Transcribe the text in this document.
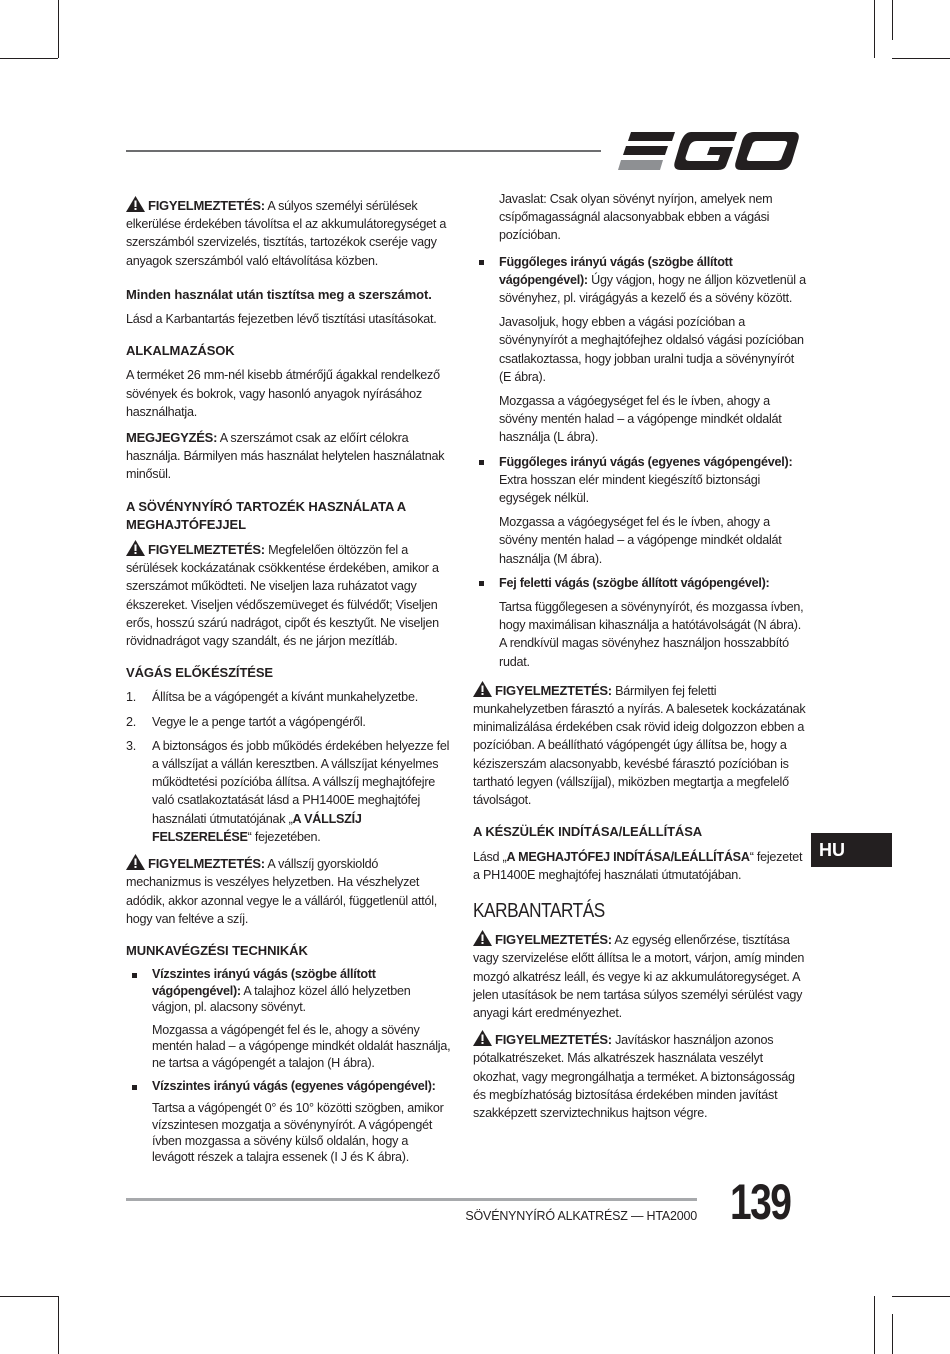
FIGYELMEZTETÉS: A súlyos személyi sérülések elkerülése érdekében távolítsa el az akkumulátoregységet a szerszámból szervizelés, tisztítás, tartozékok cseréje vagy anyagok szerszámból való eltávolítása közben.

Minden használat után tisztítsa meg a szerszámot.

Lásd a Karbantartás fejezetben lévő tisztítási utasításokat.

ALKALMAZÁSOK

A terméket 26 mm-nél kisebb átmérőjű ágakkal rendelkező sövények és bokrok, vagy hasonló anyagok nyírásához használhatja.

MEGJEGYZÉS: A szerszámot csak az előírt célokra használja. Bármilyen más használat helytelen használatnak minősül.

A SÖVÉNYNYÍRÓ TARTOZÉK HASZNÁLATA A MEGHAJTÓFEJJEL

FIGYELMEZTETÉS: Megfelelően öltözzön fel a sérülések kockázatának csökkentése érdekében, amikor a szerszámot működteti. Ne viseljen laza ruházatot vagy ékszereket. Viseljen védőszemüveget és fülvédőt; Viseljen erős, hosszú szárú nadrágot, cipőt és kesztyűt. Ne viseljen rövidnadrágot vagy szandált, és ne járjon mezítláb.

VÁGÁS ELŐKÉSZÍTÉSE
1. Állítsa be a vágópengét a kívánt munkahelyzetbe.
2. Vegye le a penge tartót a vágópengéről.
3. A biztonságos és jobb működés érdekében helyezze fel a vállszíjat a vállán keresztben. A vállszíjat kényelmes működtetési pozícióba állítsa. A vállszíj meghajtófejre való csatlakoztatását lásd a PH1400E meghajtófej használati útmutatójának „A VÁLLSZÍJ FELSZERELÉSE“ fejezetében.

FIGYELMEZTETÉS: A vállszíj gyorskioldó mechanizmus is veszélyes helyzetben. Ha vészhelyzet adódik, akkor azonnal vegye le a válláról, függetlenül attól, hogy van feltéve a szíj.

MUNKAVÉGZÉSI TECHNIKÁK
Vízszintes irányú vágás (szögbe állított vágópengével): A talajhoz közel álló helyzetben vágjon, pl. alacsony sövényt.
Mozgassa a vágópengét fel és le, ahogy a sövény mentén halad – a vágópenge mindkét oldalát használja, ne tartsa a vágópengét a talajon (H ábra).
Vízszintes irányú vágás (egyenes vágópengével):
Tartsa a vágópengét 0° és 10° közötti szögben, amikor vízszintesen mozgatja a sövénynyírót. A vágópengét ívben mozgassa a sövény külső oldalán, hogy a levágott részek a talajra essenek (I J és K ábra).
Javaslat: Csak olyan sövényt nyírjon, amelyek nem csípőmagasságnál alacsonyabbak ebben a vágási pozícióban.
Függőleges irányú vágás (szögbe állított vágópengével): Úgy vágjon, hogy ne álljon közvetlenül a sövényhez, pl. virágágyás a kezelő és a sövény között.
Javasoljuk, hogy ebben a vágási pozícióban a sövénynyírót a meghajtófejhez oldalsó vágási pozícióban csatlakoztassa, hogy jobban uralni tudja a sövénynyírót (E ábra).
Mozgassa a vágóegységet fel és le ívben, ahogy a sövény mentén halad – a vágópenge mindkét oldalát használja (L ábra).
Függőleges irányú vágás (egyenes vágópengével): Extra hosszan elér mindent kiegészítő biztonsági egységek nélkül.
Mozgassa a vágóegységet fel és le ívben, ahogy a sövény mentén halad – a vágópenge mindkét oldalát használja (M ábra).
Fej feletti vágás (szögbe állított vágópengével):
Tartsa függőlegesen a sövénynyírót, és mozgassa ívben, hogy maximálisan kihasználja a hatótávolságát (N ábra). A rendkívül magas sövényhez használjon hosszabbító rudat.

FIGYELMEZTETÉS: Bármilyen fej feletti munkahelyzetben fárasztó a nyírás. A balesetek kockázatának minimalizálása érdekében csak rövid ideig dolgozzon ebben a pozícióban. A beállítható vágópengét úgy állítsa be, hogy a kéziszerszám alacsonyabb, kevésbé fárasztó pozícióban is tartható legyen (vállszíjjal), miközben megtartja a megfelelő távolságot.

A KÉSZÜLÉK INDÍTÁSA/LEÁLLÍTÁSA

Lásd „A MEGHAJTÓFEJ INDÍTÁSA/LEÁLLÍTÁSA“ fejezetet a PH1400E meghajtófej használati útmutatójában.

KARBANTARTÁS

FIGYELMEZTETÉS: Az egység ellenőrzése, tisztítása vagy szervizelése előtt állítsa le a motort, várjon, amíg minden mozgó alkatrész leáll, és vegye ki az akkumulátoregységet. A jelen utasítások be nem tartása súlyos személyi sérülést vagy anyagi kárt eredményezhet.

FIGYELMEZTETÉS: Javításkor használjon azonos pótalkatrészeket. Más alkatrészek használata veszélyt okozhat, vagy megrongálhatja a terméket. A biztonságosság és megbízhatóság biztosítása érdekében minden javítást szakképzett szerviztechnikus hajtson végre.

HU
SÖVÉNYNYÍRÓ ALKATRÉSZ — HTA2000 139
